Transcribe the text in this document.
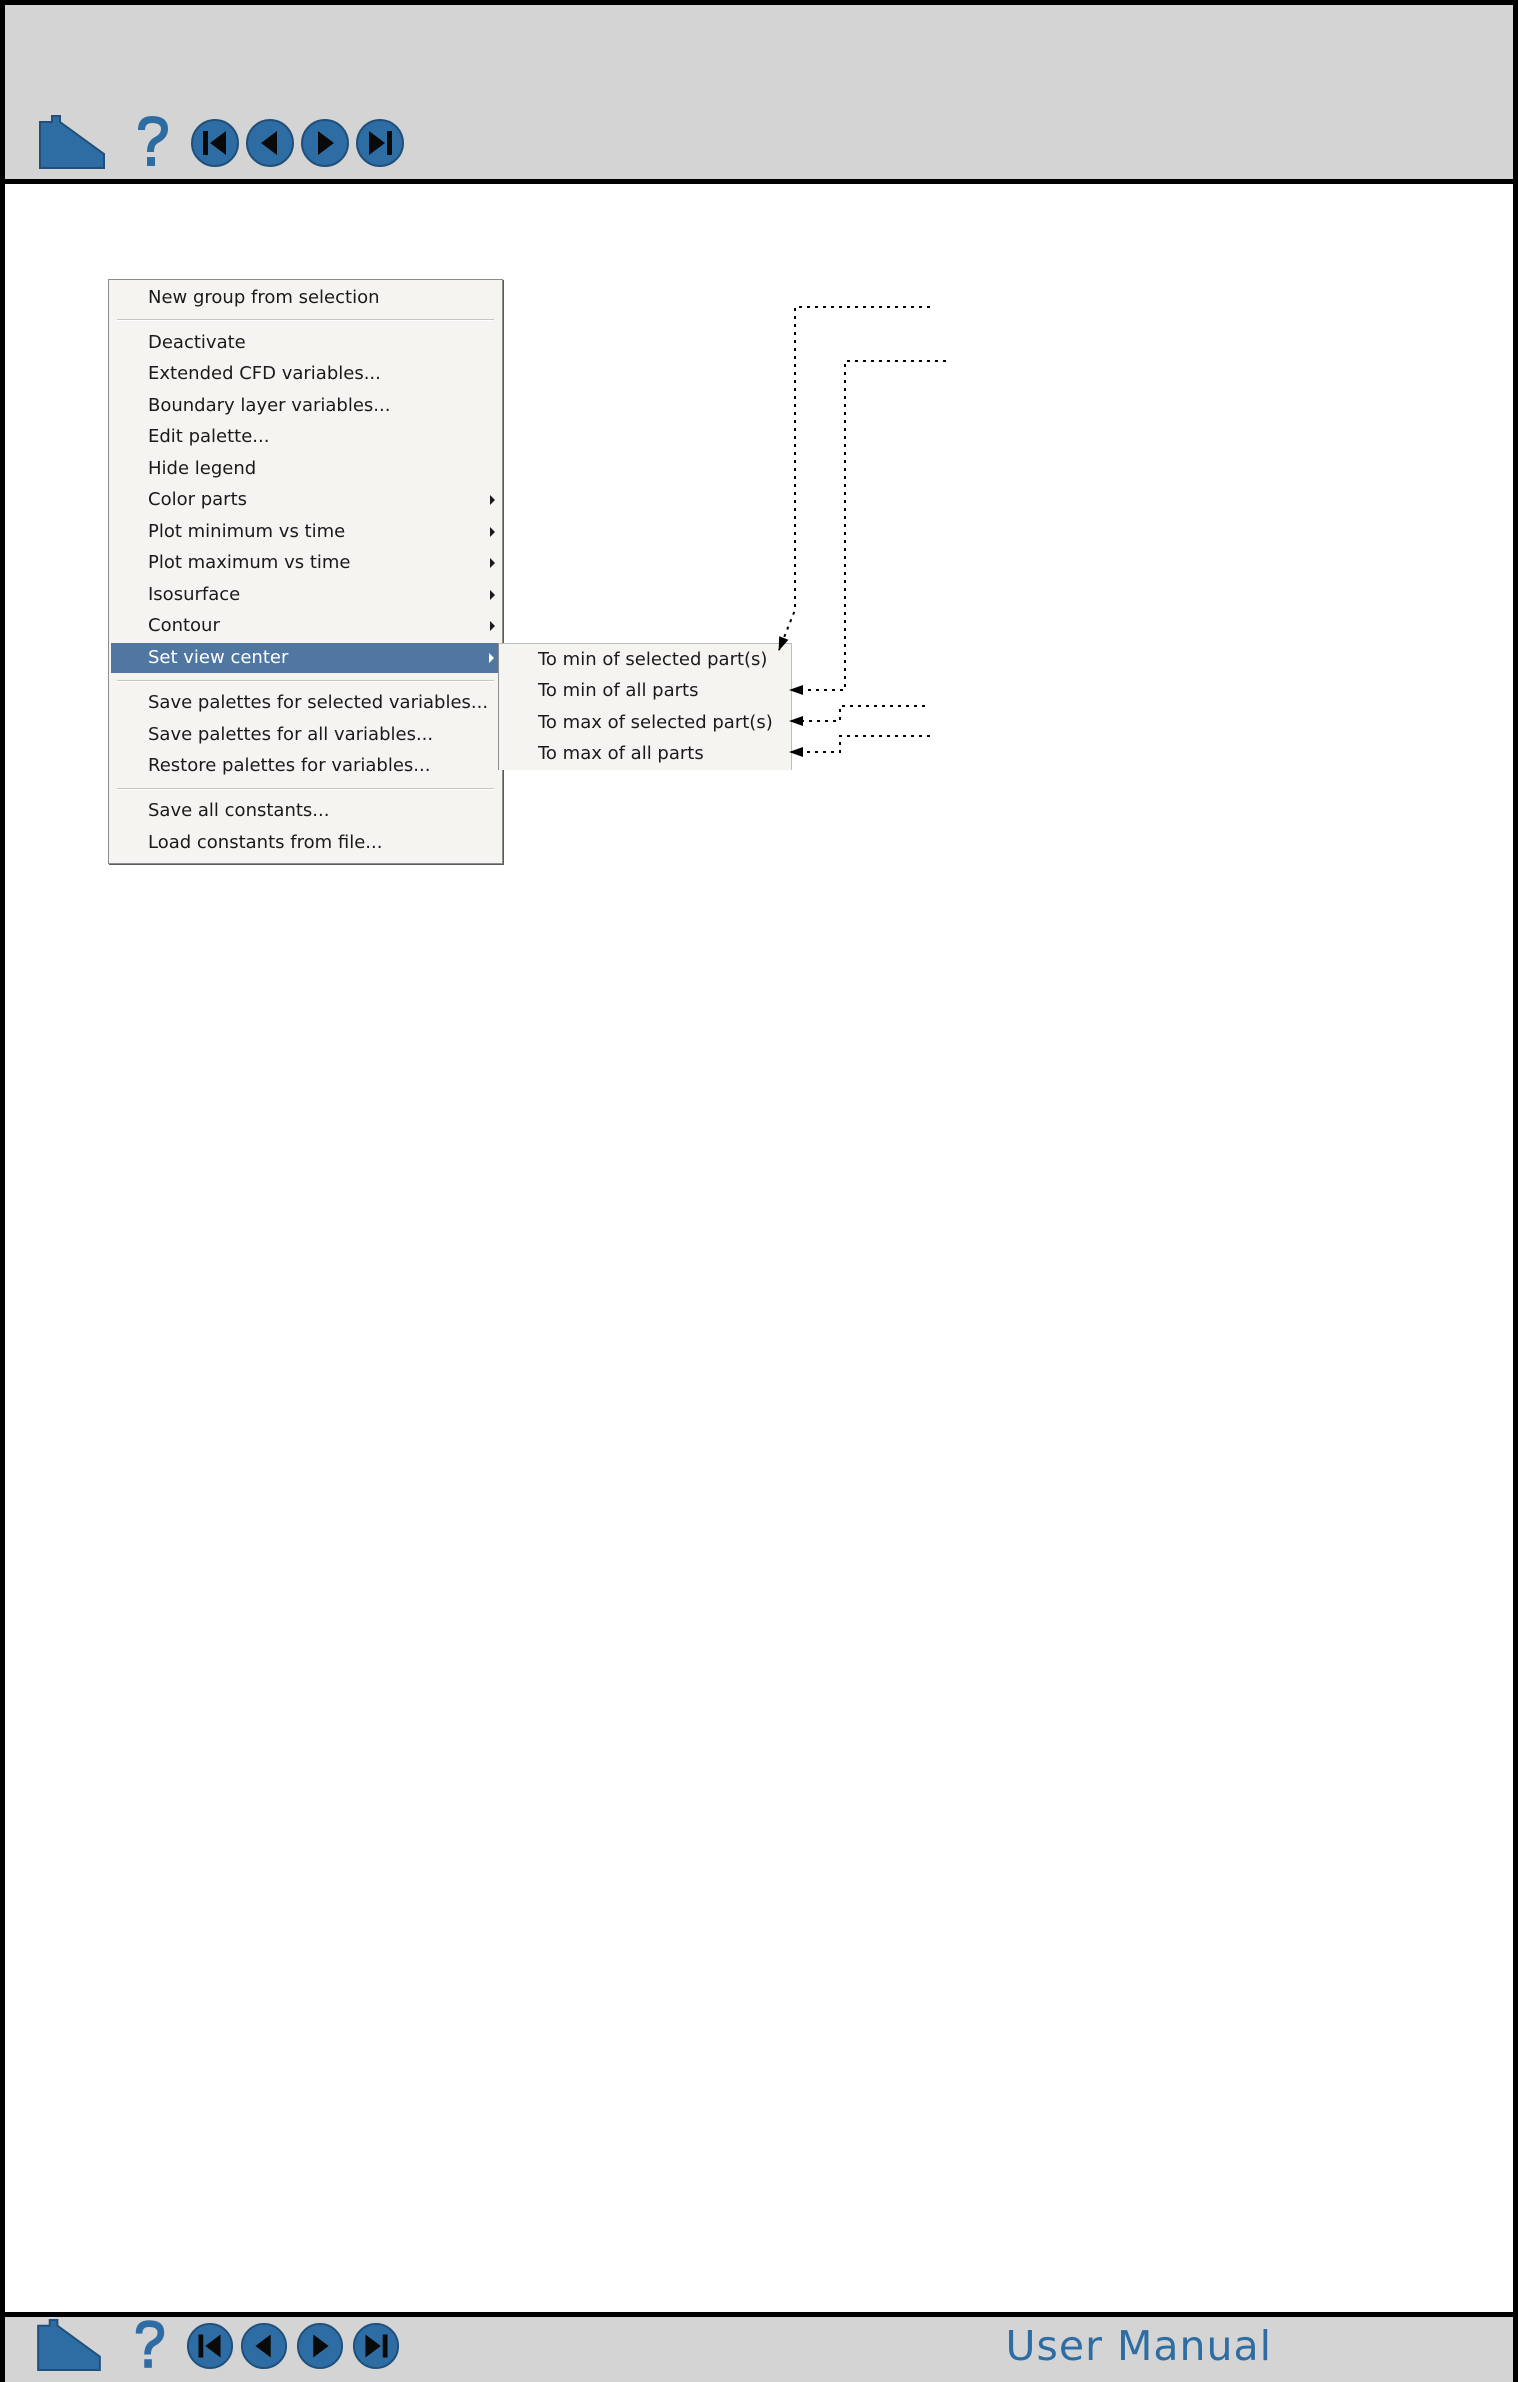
New group from selection
Deactivate
Extended CFD variables...
Boundary layer variables...
Edit palette...
Hide legend
Color parts
Plot minimum vs time
Plot maximum vs time
Isosurface
Contour
Set view center
Save palettes for selected variables...
Save palettes for all variables...
Restore palettes for variables...
Save all constants...
Load constants from file...
To min of selected part(s)
To min of all parts
To max of selected part(s)
To max of all parts
User Manual
